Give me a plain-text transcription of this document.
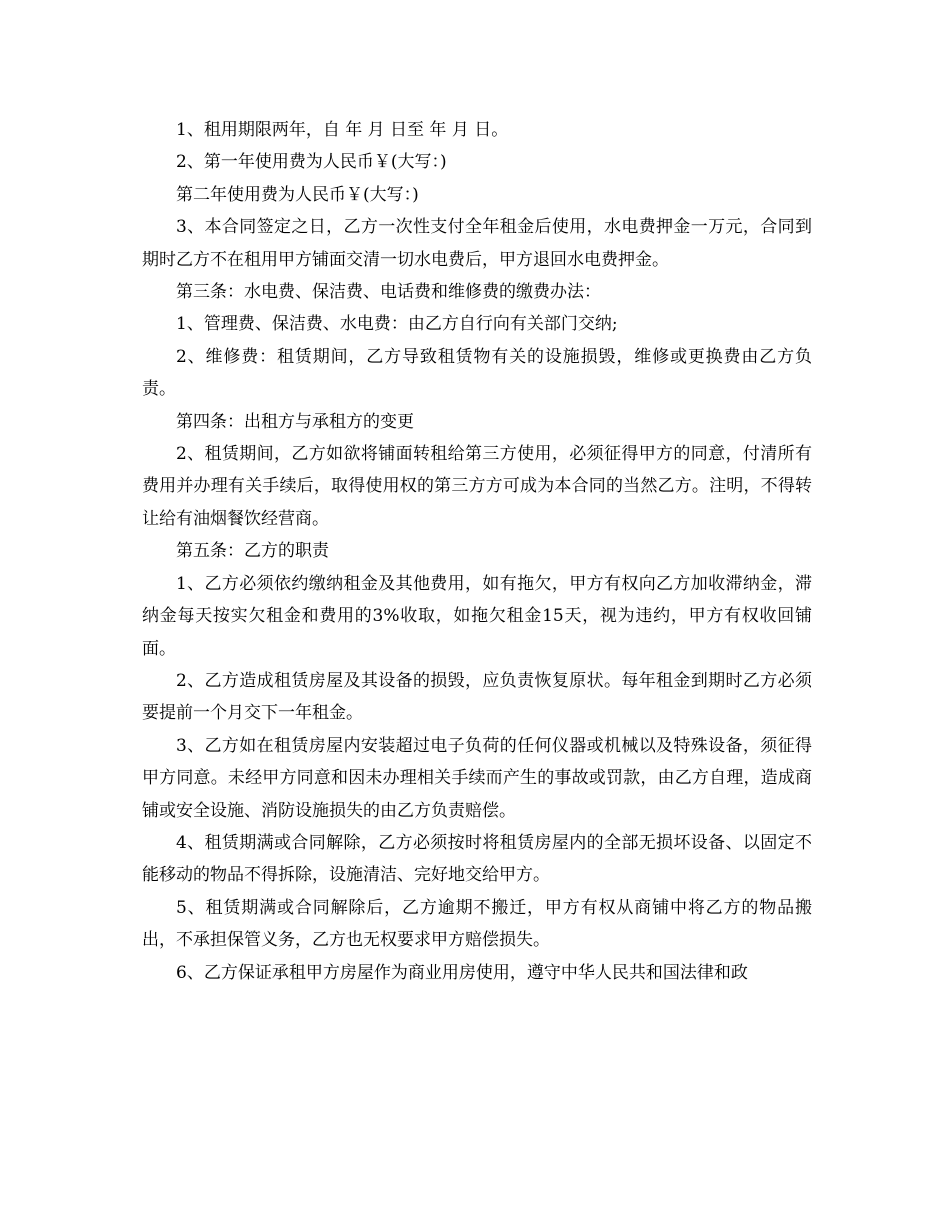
1、租用期限两年，自 年 月 日至 年 月 日。

2、第一年使用费为人民币￥(大写：)

第二年使用费为人民币￥(大写：)

3、本合同签定之日，乙方一次性支付全年租金后使用，水电费押金一万元，合同到期时乙方不在租用甲方铺面交清一切水电费后，甲方退回水电费押金。

第三条：水电费、保洁费、电话费和维修费的缴费办法：

1、管理费、保洁费、水电费：由乙方自行向有关部门交纳;

2、维修费：租赁期间，乙方导致租赁物有关的设施损毁，维修或更换费由乙方负责。

第四条：出租方与承租方的变更

2、租赁期间，乙方如欲将铺面转租给第三方使用，必须征得甲方的同意，付清所有费用并办理有关手续后，取得使用权的第三方方可成为本合同的当然乙方。注明，不得转让给有油烟餐饮经营商。

第五条：乙方的职责

1、乙方必须依约缴纳租金及其他费用，如有拖欠，甲方有权向乙方加收滞纳金，滞纳金每天按实欠租金和费用的3%收取，如拖欠租金15天，视为违约，甲方有权收回铺面。

2、乙方造成租赁房屋及其设备的损毁，应负责恢复原状。每年租金到期时乙方必须要提前一个月交下一年租金。

3、乙方如在租赁房屋内安装超过电子负荷的任何仪器或机械以及特殊设备，须征得甲方同意。未经甲方同意和因未办理相关手续而产生的事故或罚款，由乙方自理，造成商铺或安全设施、消防设施损失的由乙方负责赔偿。

4、租赁期满或合同解除，乙方必须按时将租赁房屋内的全部无损坏设备、以固定不能移动的物品不得拆除，设施清洁、完好地交给甲方。

5、租赁期满或合同解除后，乙方逾期不搬迁，甲方有权从商铺中将乙方的物品搬出，不承担保管义务，乙方也无权要求甲方赔偿损失。

6、乙方保证承租甲方房屋作为商业用房使用，遵守中华人民共和国法律和政
